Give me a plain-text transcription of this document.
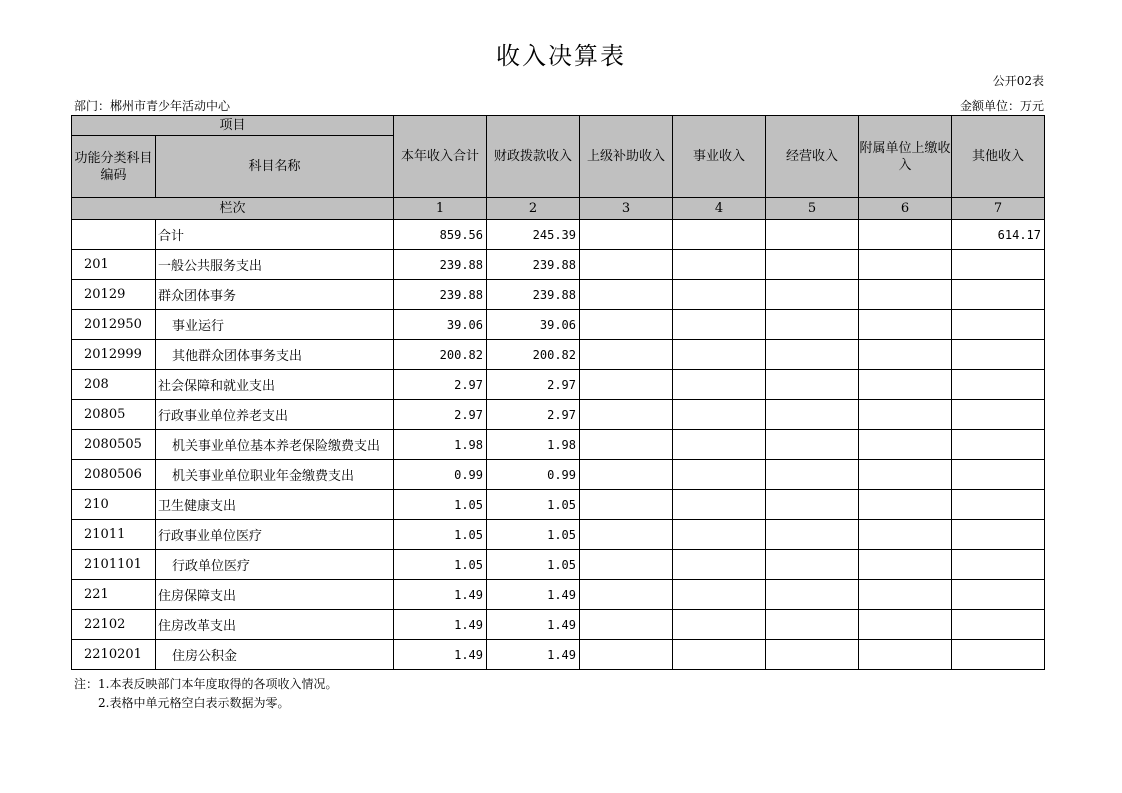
收入决算表
公开02表
部门：郴州市青少年活动中心	金额单位：万元
项目		本年收入合计	财政拨款收入	上级补助收入	事业收入	经营收入	附属单位上缴收入	其他收入
功能分类科目编码	科目名称							
栏次		1	2	3	4	5	6	7
	合计	859.56	245.39					614.17
201	一般公共服务支出	239.88	239.88					
20129	群众团体事务	239.88	239.88					
2012950	事业运行	39.06	39.06					
2012999	其他群众团体事务支出	200.82	200.82					
208	社会保障和就业支出	2.97	2.97					
20805	行政事业单位养老支出	2.97	2.97					
2080505	机关事业单位基本养老保险缴费支出	1.98	1.98					
2080506	机关事业单位职业年金缴费支出	0.99	0.99					
210	卫生健康支出	1.05	1.05					
21011	行政事业单位医疗	1.05	1.05					
2101101	行政单位医疗	1.05	1.05					
221	住房保障支出	1.49	1.49					
22102	住房改革支出	1.49	1.49					
2210201	住房公积金	1.49	1.49					
注：1.本表反映部门本年度取得的各项收入情况。
2.表格中单元格空白表示数据为零。
